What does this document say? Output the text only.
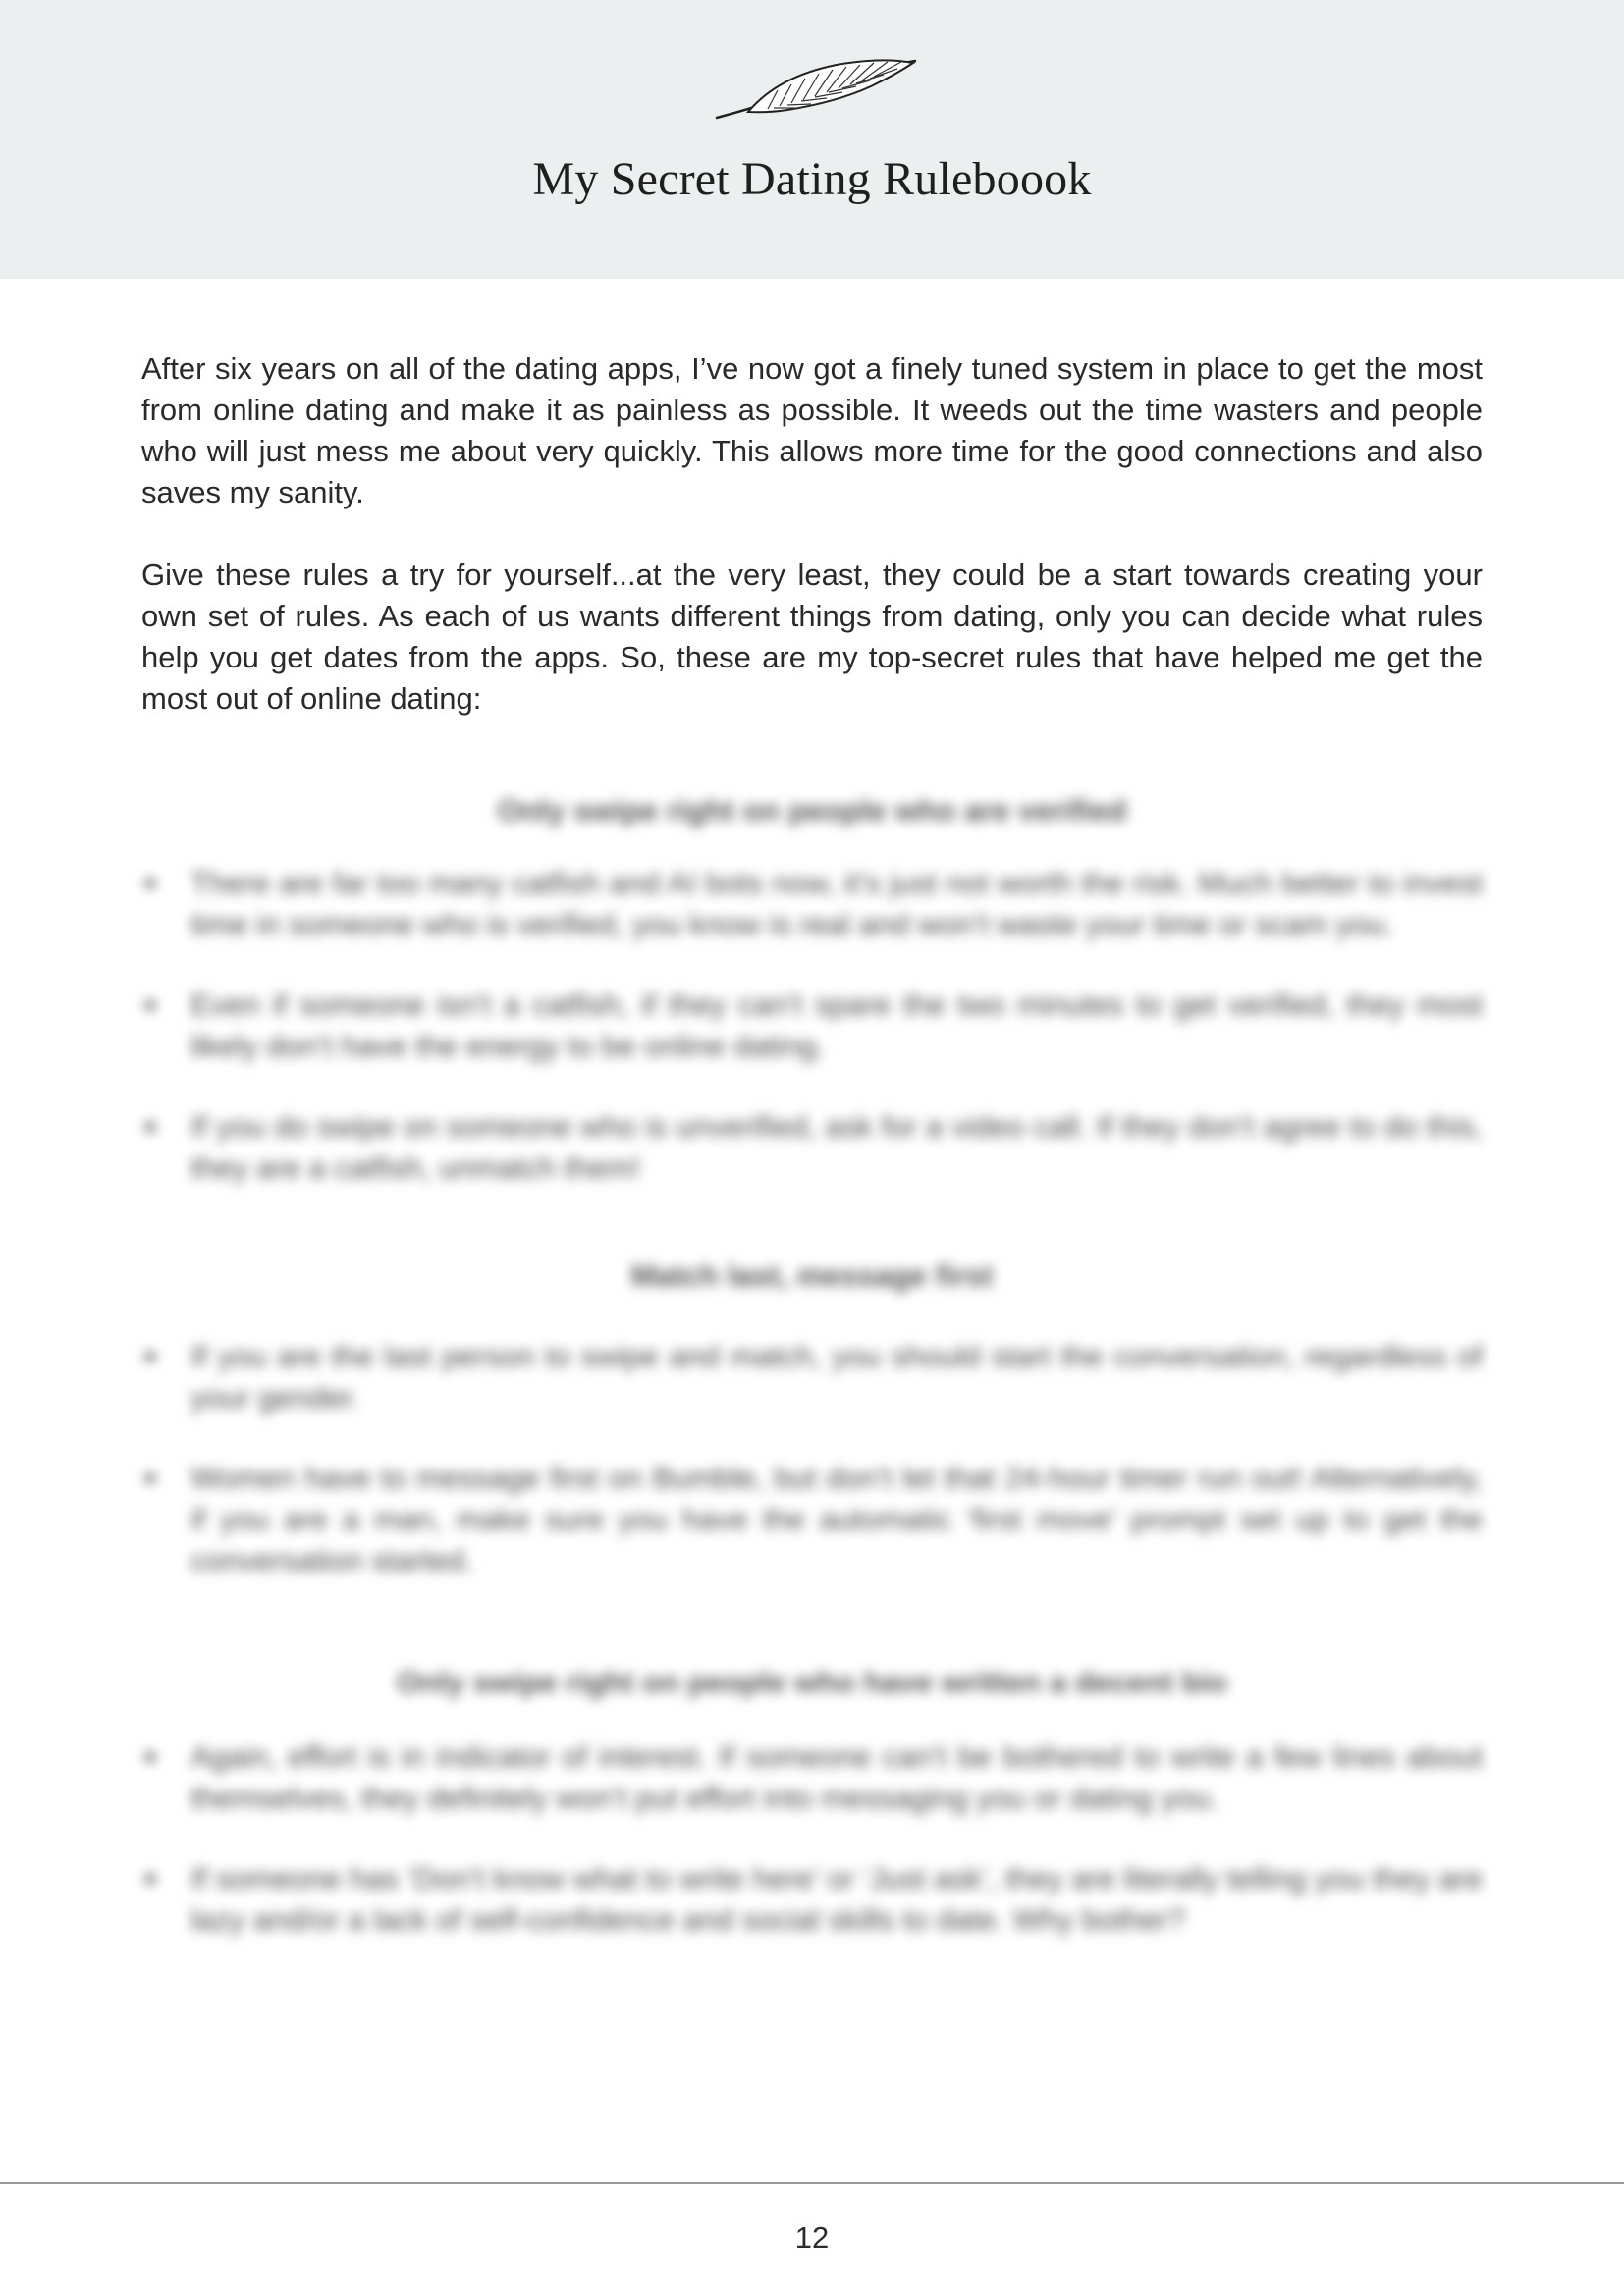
My Secret Dating Ruleboook

After six years on all of the dating apps, I’ve now got a finely tuned system in place to get the most from online dating and make it as painless as possible. It weeds out the time wasters and people who will just mess me about very quickly. This allows more time for the good connections and also saves my sanity.

Give these rules a try for yourself...at the very least, they could be a start towards creating your own set of rules. As each of us wants different things from dating, only you can decide what rules help you get dates from the apps. So, these are my top-secret rules that have helped me get the most out of online dating:

Only swipe right on people who are verified
There are far too many catfish and AI bots now, it’s just not worth the risk. Much better to invest time in someone who is verified, you know is real and won’t waste your time or scam you.
Even if someone isn’t a catfish, if they can’t spare the two minutes to get verified, they most likely don’t have the energy to be online dating.
If you do swipe on someone who is unverified, ask for a video call. If they don’t agree to do this, they are a catfish, unmatch them!
Match last, message first
If you are the last person to swipe and match, you should start the conversation, regardless of your gender.
Women have to message first on Bumble, but don’t let that 24-hour timer run out! Alternatively, if you are a man, make sure you have the automatic ‘first move’ prompt set up to get the conversation started.
Only swipe right on people who have written a decent bio
Again, effort is in indicator of interest. If someone can’t be bothered to write a few lines about themselves, they definitely won’t put effort into messaging you or dating you.
If someone has ‘Don’t know what to write here’ or ‘Just ask’, they are literally telling you they are lazy and/or a lack of self-confidence and social skills to date. Why bother?
12
